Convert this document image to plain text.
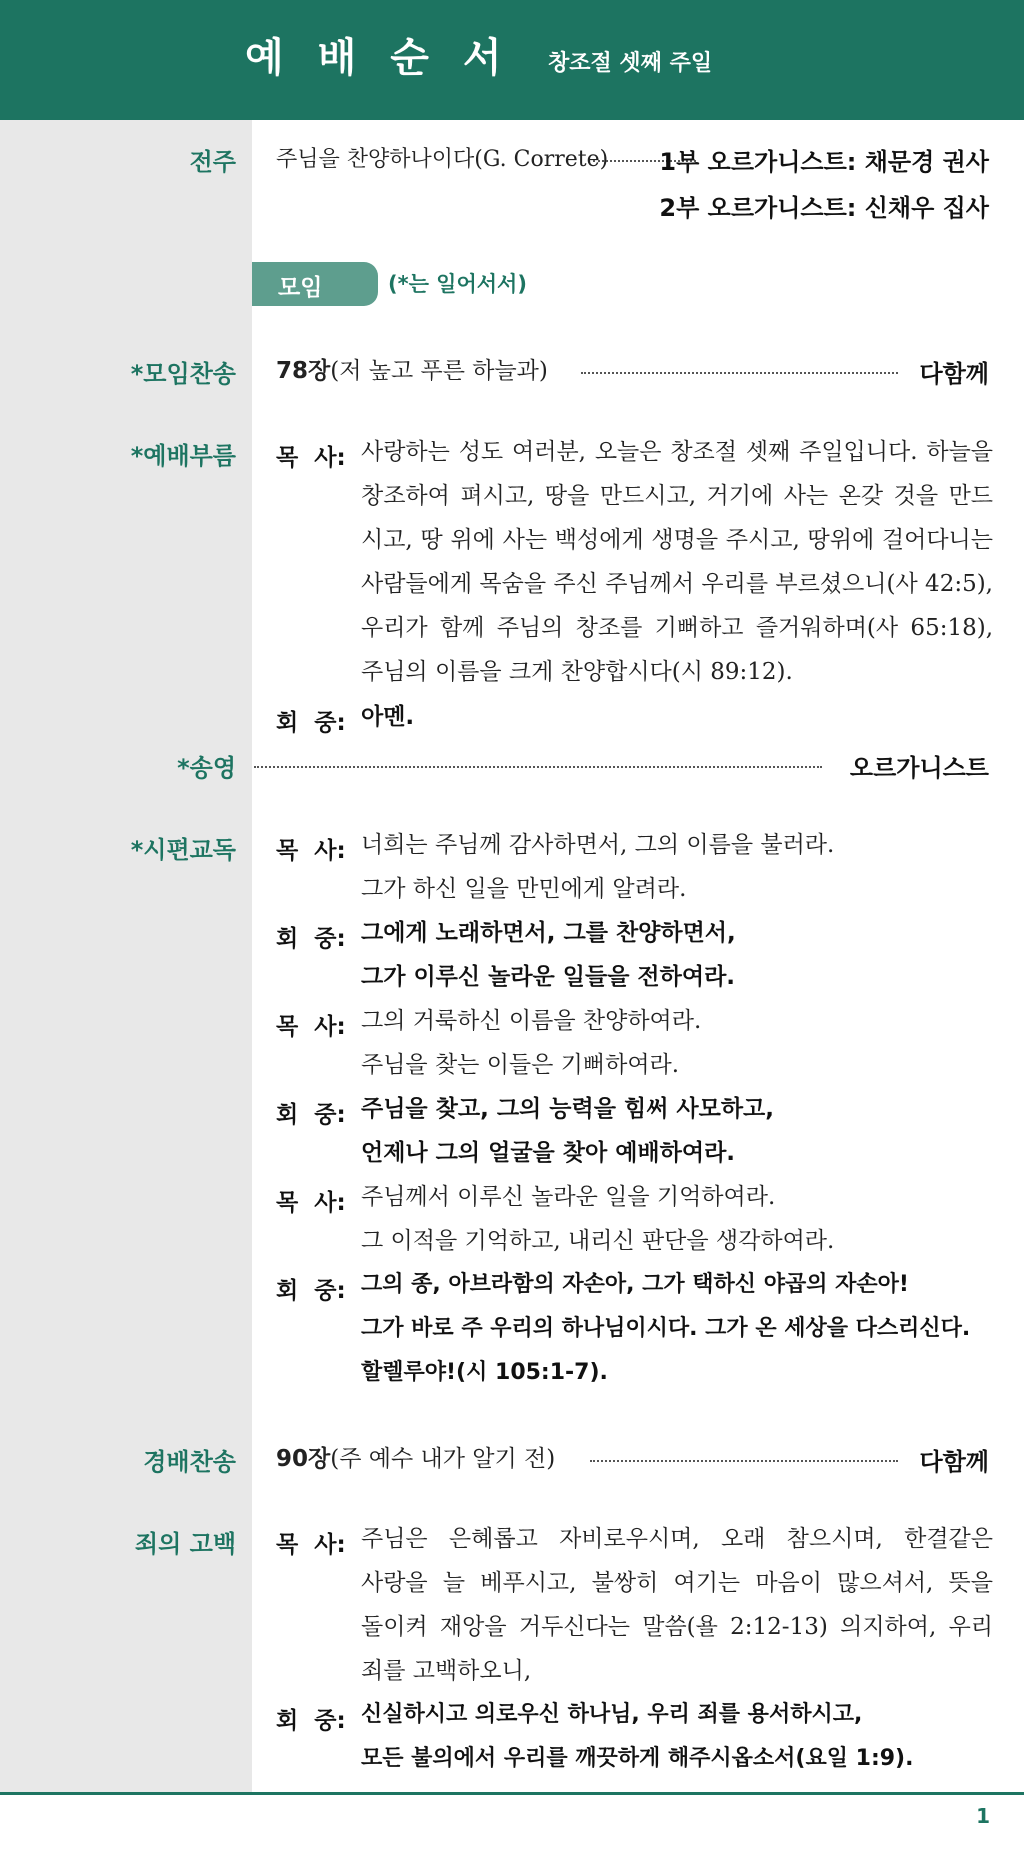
예배순서 창조절 셋째 주일
전주 주님을 찬양하나이다(G. Correte) 1부 오르가니스트: 채문경 권사
2부 오르가니스트: 신채우 집사
모임	(*는 일어서서)
*모임찬송 78장(저 높고 푸른 하늘과)	다함께
*예배부름 목  사: 사랑하는 성도 여러분, 오늘은 창조절 셋째 주일입니다. 하늘을
창조하여 펴시고, 땅을 만드시고, 거기에 사는 온갖 것을 만드
시고, 땅 위에 사는 백성에게 생명을 주시고, 땅위에 걸어다니는
사람들에게 목숨을 주신 주님께서 우리를 부르셨으니(사 42:5),
우리가 함께 주님의 창조를 기뻐하고 즐거워하며(사 65:18),
주님의 이름을 크게 찬양합시다(시 89:12).
회  중: 아멘.
*송영	오르가니스트
*시편교독 목  사: 너희는 주님께 감사하면서, 그의 이름을 불러라.
그가 하신 일을 만민에게 알려라.
회  중: 그에게 노래하면서, 그를 찬양하면서,
그가 이루신 놀라운 일들을 전하여라.
목  사: 그의 거룩하신 이름을 찬양하여라.
주님을 찾는 이들은 기뻐하여라.
회  중: 주님을 찾고, 그의 능력을 힘써 사모하고,
언제나 그의 얼굴을 찾아 예배하여라.
목  사: 주님께서 이루신 놀라운 일을 기억하여라.
그 이적을 기억하고, 내리신 판단을 생각하여라.
회  중: 그의 종, 아브라함의 자손아, 그가 택하신 야곱의 자손아!
그가 바로 주 우리의 하나님이시다. 그가 온 세상을 다스리신다.
할렐루야!(시 105:1-7).
경배찬송 90장(주 예수 내가 알기 전)	다함께
죄의 고백 목  사: 주님은 은혜롭고 자비로우시며, 오래 참으시며, 한결같은
사랑을 늘 베푸시고, 불쌍히 여기는 마음이 많으셔서, 뜻을
돌이켜 재앙을 거두신다는 말씀(욜 2:12-13) 의지하여, 우리
죄를 고백하오니,
회  중: 신실하시고 의로우신 하나님, 우리 죄를 용서하시고,
모든 불의에서 우리를 깨끗하게 해주시옵소서(요일 1:9).
1
